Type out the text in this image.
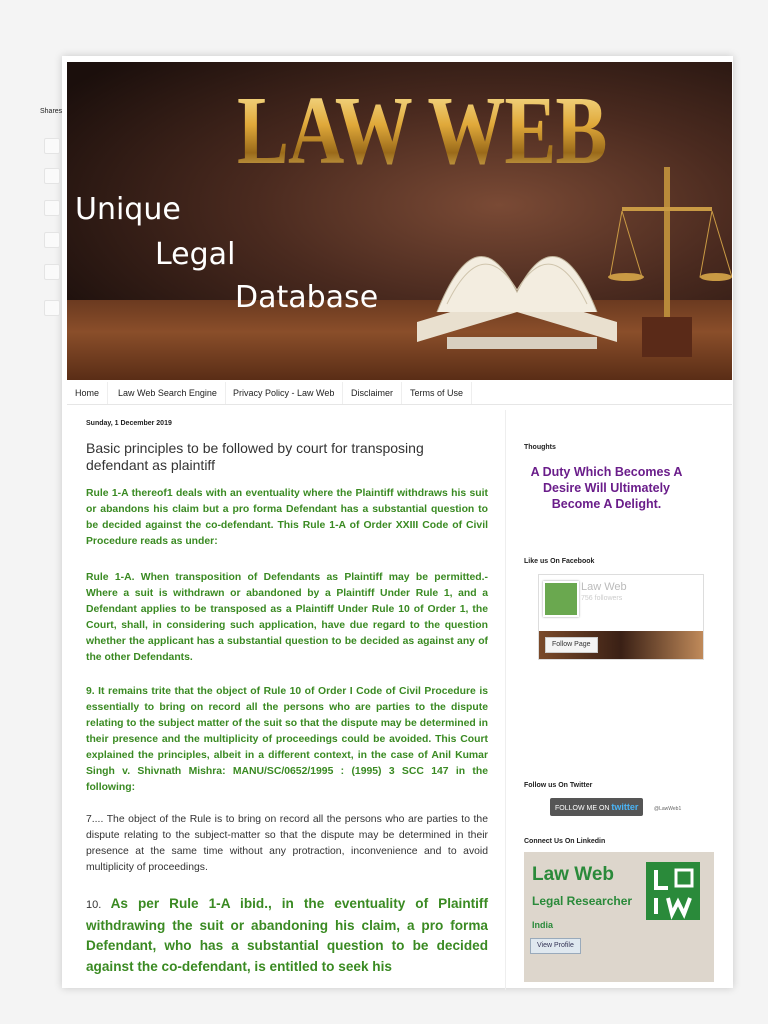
Shares LAW WEB
Unique
Legal
Database
Home	Law Web Search Engine	Privacy Policy - Law Web	Disclaimer	Terms of Use
Sunday, 1 December 2019
Basic principles to be followed by court for transposing defendant as plaintiff
Rule 1-A thereof1 deals with an eventuality where the Plaintiff withdraws his suit or abandons his claim but a pro forma Defendant has a substantial question to be decided against the co-defendant. This Rule 1-A of Order XXIII Code of Civil Procedure reads as under:
Rule 1-A. When transposition of Defendants as Plaintiff may be permitted.- Where a suit is withdrawn or abandoned by a Plaintiff Under Rule 1, and a Defendant applies to be transposed as a Plaintiff Under Rule 10 of Order 1, the Court, shall, in considering such application, have due regard to the question whether the applicant has a substantial question to be decided as against any of the other Defendants.
9. It remains trite that the object of Rule 10 of Order I Code of Civil Procedure is essentially to bring on record all the persons who are parties to the dispute relating to the subject matter of the suit so that the dispute may be determined in their presence and the multiplicity of proceedings could be avoided. This Court explained the principles, albeit in a different context, in the case of Anil Kumar Singh v. Shivnath Mishra: MANU/SC/0652/1995 : (1995) 3 SCC 147 in the following:
7.... The object of the Rule is to bring on record all the persons who are parties to the dispute relating to the subject-matter so that the dispute may be determined in their presence at the same time without any protraction, inconvenience and to avoid multiplicity of proceedings.
10. As per Rule 1-A ibid., in the eventuality of Plaintiff withdrawing the suit or abandoning his claim, a pro forma Defendant, who has a substantial question to be decided against the co-defendant, is entitled to seek his
Thoughts
A Duty Which Becomes A Desire Will Ultimately Become A Delight.
Like us On Facebook
Law Web
756 followers
Follow Page
Follow us On Twitter
FOLLOW ME ON twitter	@LawWeb1
Connect Us On Linkedin
Law Web
Legal Researcher
India
View Profile
